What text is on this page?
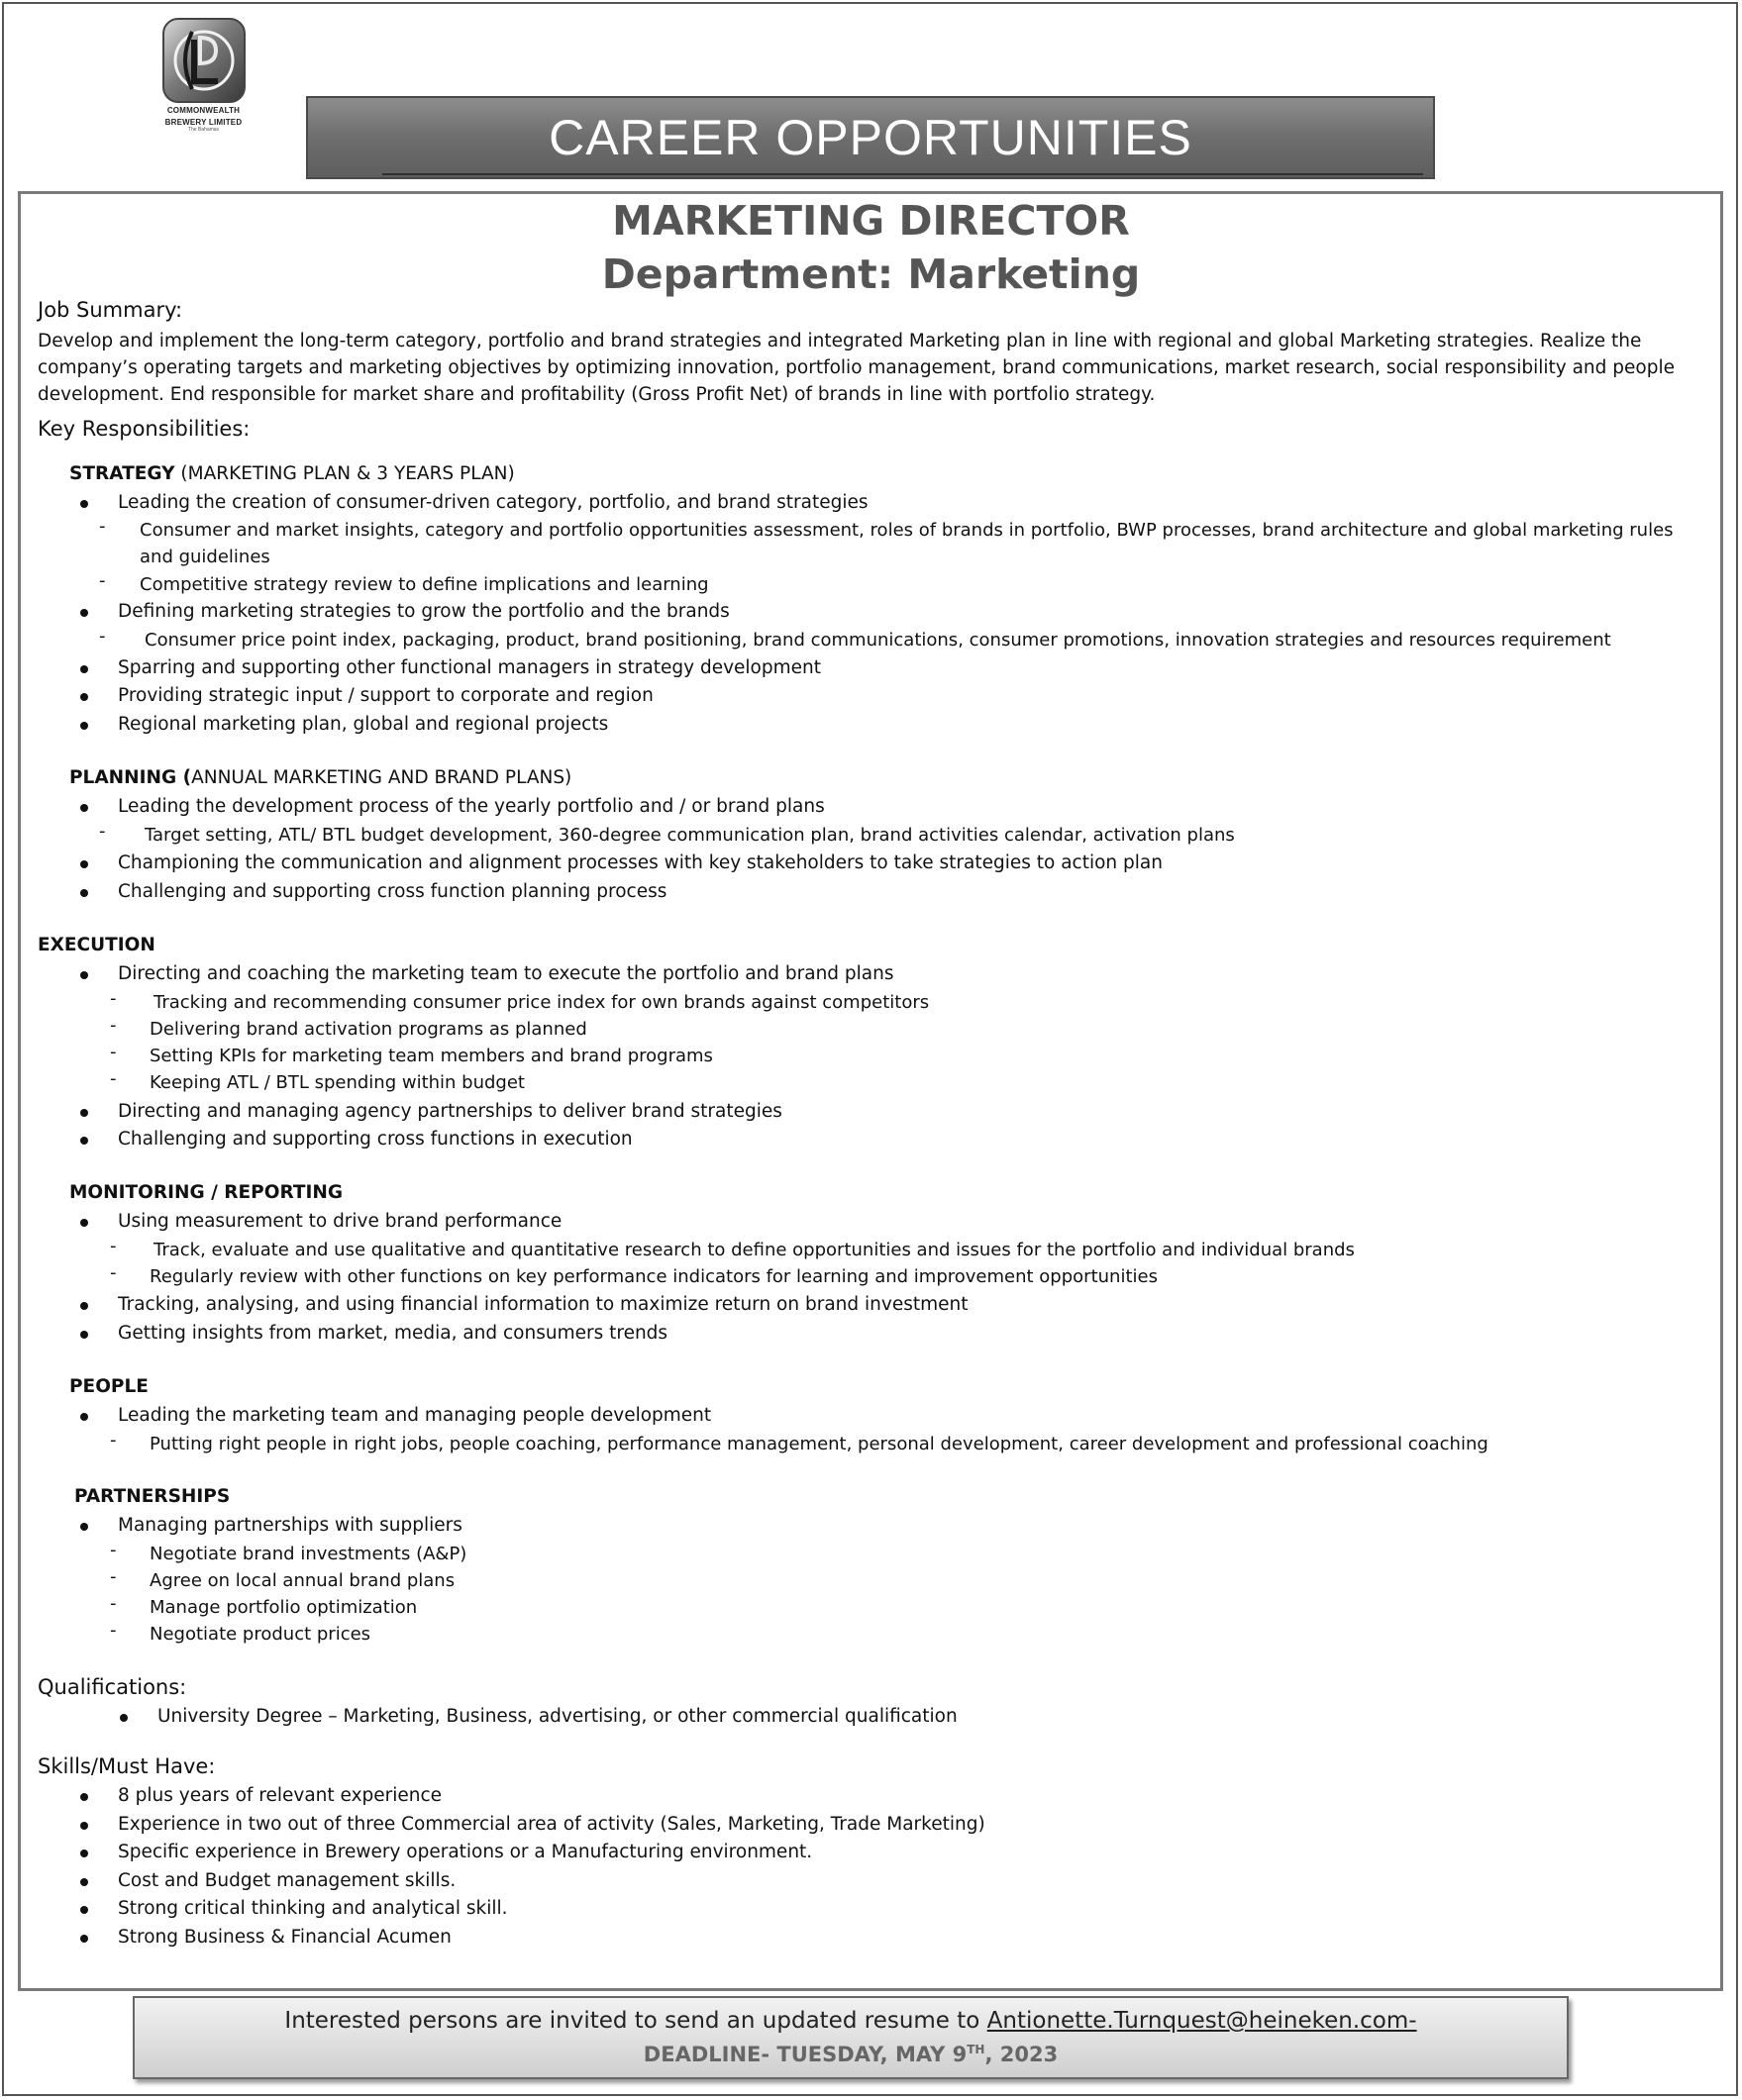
COMMONWEALTH
BREWERY LIMITED
The Bahamas	CAREER OPPORTUNITIES
MARKETING DIRECTOR
Department: Marketing
Job Summary:
Develop and implement the long-term category, portfolio and brand strategies and integrated Marketing plan in line with regional and global Marketing strategies. Realize the
company’s operating targets and marketing objectives by optimizing innovation, portfolio management, brand communications, market research, social responsibility and people
development. End responsible for market share and profitability (Gross Profit Net) of brands in line with portfolio strategy.
Key Responsibilities:
STRATEGY (MARKETING PLAN & 3 YEARS PLAN)
Leading the creation of consumer-driven category, portfolio, and brand strategies
- Consumer and market insights, category and portfolio opportunities assessment, roles of brands in portfolio, BWP processes, brand architecture and global marketing rules
and guidelines
- Competitive strategy review to define implications and learning
Defining marketing strategies to grow the portfolio and the brands
- Consumer price point index, packaging, product, brand positioning, brand communications, consumer promotions, innovation strategies and resources requirement
Sparring and supporting other functional managers in strategy development
Providing strategic input / support to corporate and region
Regional marketing plan, global and regional projects
PLANNING (ANNUAL MARKETING AND BRAND PLANS)
Leading the development process of the yearly portfolio and / or brand plans
- Target setting, ATL/ BTL budget development, 360-degree communication plan, brand activities calendar, activation plans
Championing the communication and alignment processes with key stakeholders to take strategies to action plan
Challenging and supporting cross function planning process
EXECUTION
Directing and coaching the marketing team to execute the portfolio and brand plans
- Tracking and recommending consumer price index for own brands against competitors
- Delivering brand activation programs as planned
- Setting KPIs for marketing team members and brand programs
- Keeping ATL / BTL spending within budget
Directing and managing agency partnerships to deliver brand strategies
Challenging and supporting cross functions in execution
MONITORING / REPORTING
Using measurement to drive brand performance
- Track, evaluate and use qualitative and quantitative research to define opportunities and issues for the portfolio and individual brands
- Regularly review with other functions on key performance indicators for learning and improvement opportunities
Tracking, analysing, and using financial information to maximize return on brand investment
Getting insights from market, media, and consumers trends
PEOPLE
Leading the marketing team and managing people development
- Putting right people in right jobs, people coaching, performance management, personal development, career development and professional coaching
PARTNERSHIPS
Managing partnerships with suppliers
- Negotiate brand investments (A&P)
- Agree on local annual brand plans
- Manage portfolio optimization
- Negotiate product prices
Qualifications:
University Degree – Marketing, Business, advertising, or other commercial qualification
Skills/Must Have:
8 plus years of relevant experience
Experience in two out of three Commercial area of activity (Sales, Marketing, Trade Marketing)
Specific experience in Brewery operations or a Manufacturing environment.
Cost and Budget management skills.
Strong critical thinking and analytical skill.
Strong Business & Financial Acumen
Interested persons are invited to send an updated resume to Antionette.Turnquest@heineken.com-
DEADLINE- TUESDAY, MAY 9TH, 2023
